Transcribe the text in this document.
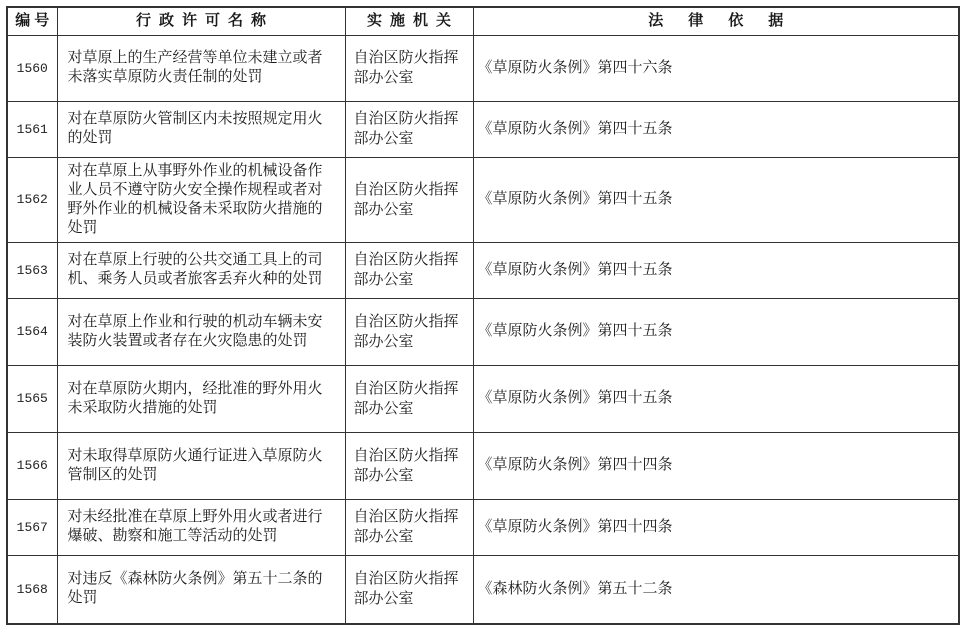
编号	行政许可名称	实施机关	法律依据
1560	对草原上的生产经营等单位未建立或者未落实草原防火责任制的处罚	自治区防火指挥部办公室	《草原防火条例》第四十六条
1561	对在草原防火管制区内未按照规定用火的处罚	自治区防火指挥部办公室	《草原防火条例》第四十五条
1562	对在草原上从事野外作业的机械设备作业人员不遵守防火安全操作规程或者对野外作业的机械设备未采取防火措施的处罚	自治区防火指挥部办公室	《草原防火条例》第四十五条
1563	对在草原上行驶的公共交通工具上的司机、乘务人员或者旅客丢弃火种的处罚	自治区防火指挥部办公室	《草原防火条例》第四十五条
1564	对在草原上作业和行驶的机动车辆未安装防火装置或者存在火灾隐患的处罚	自治区防火指挥部办公室	《草原防火条例》第四十五条
1565	对在草原防火期内，经批准的野外用火未采取防火措施的处罚	自治区防火指挥部办公室	《草原防火条例》第四十五条
1566	对未取得草原防火通行证进入草原防火管制区的处罚	自治区防火指挥部办公室	《草原防火条例》第四十四条
1567	对未经批准在草原上野外用火或者进行爆破、勘察和施工等活动的处罚	自治区防火指挥部办公室	《草原防火条例》第四十四条
1568	对违反《森林防火条例》第五十二条的处罚	自治区防火指挥部办公室	《森林防火条例》第五十二条
